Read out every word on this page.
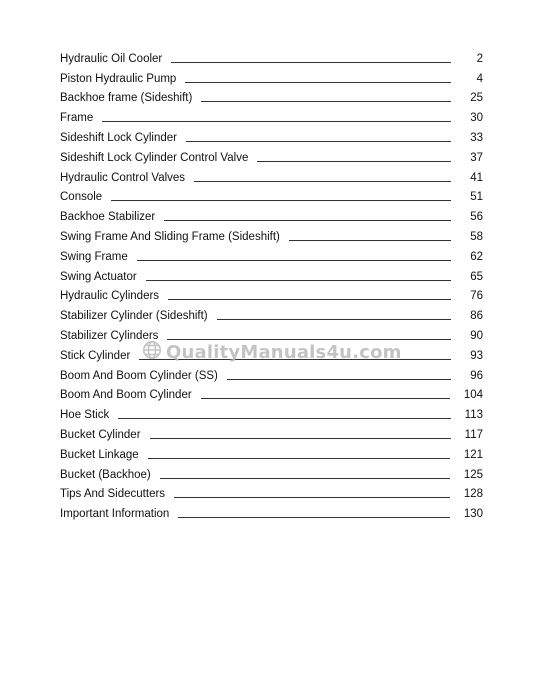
Hydraulic Oil Cooler	2
Piston Hydraulic Pump	4
Backhoe frame (Sideshift)	25
Frame	30
Sideshift Lock Cylinder	33
Sideshift Lock Cylinder Control Valve	37
Hydraulic Control Valves	41
Console	51
Backhoe Stabilizer	56
Swing Frame And Sliding Frame (Sideshift)	58
Swing Frame	62
Swing Actuator	65
Hydraulic Cylinders	76
Stabilizer Cylinder (Sideshift)	86
Stabilizer Cylinders	90
Stick Cylinder	93
Boom And Boom Cylinder (SS)	96
Boom And Boom Cylinder	104
Hoe Stick	113
Bucket Cylinder	117
Bucket Linkage	121
Bucket (Backhoe)	125
Tips And Sidecutters	128
Important Information	130
QualityManuals4u.com
